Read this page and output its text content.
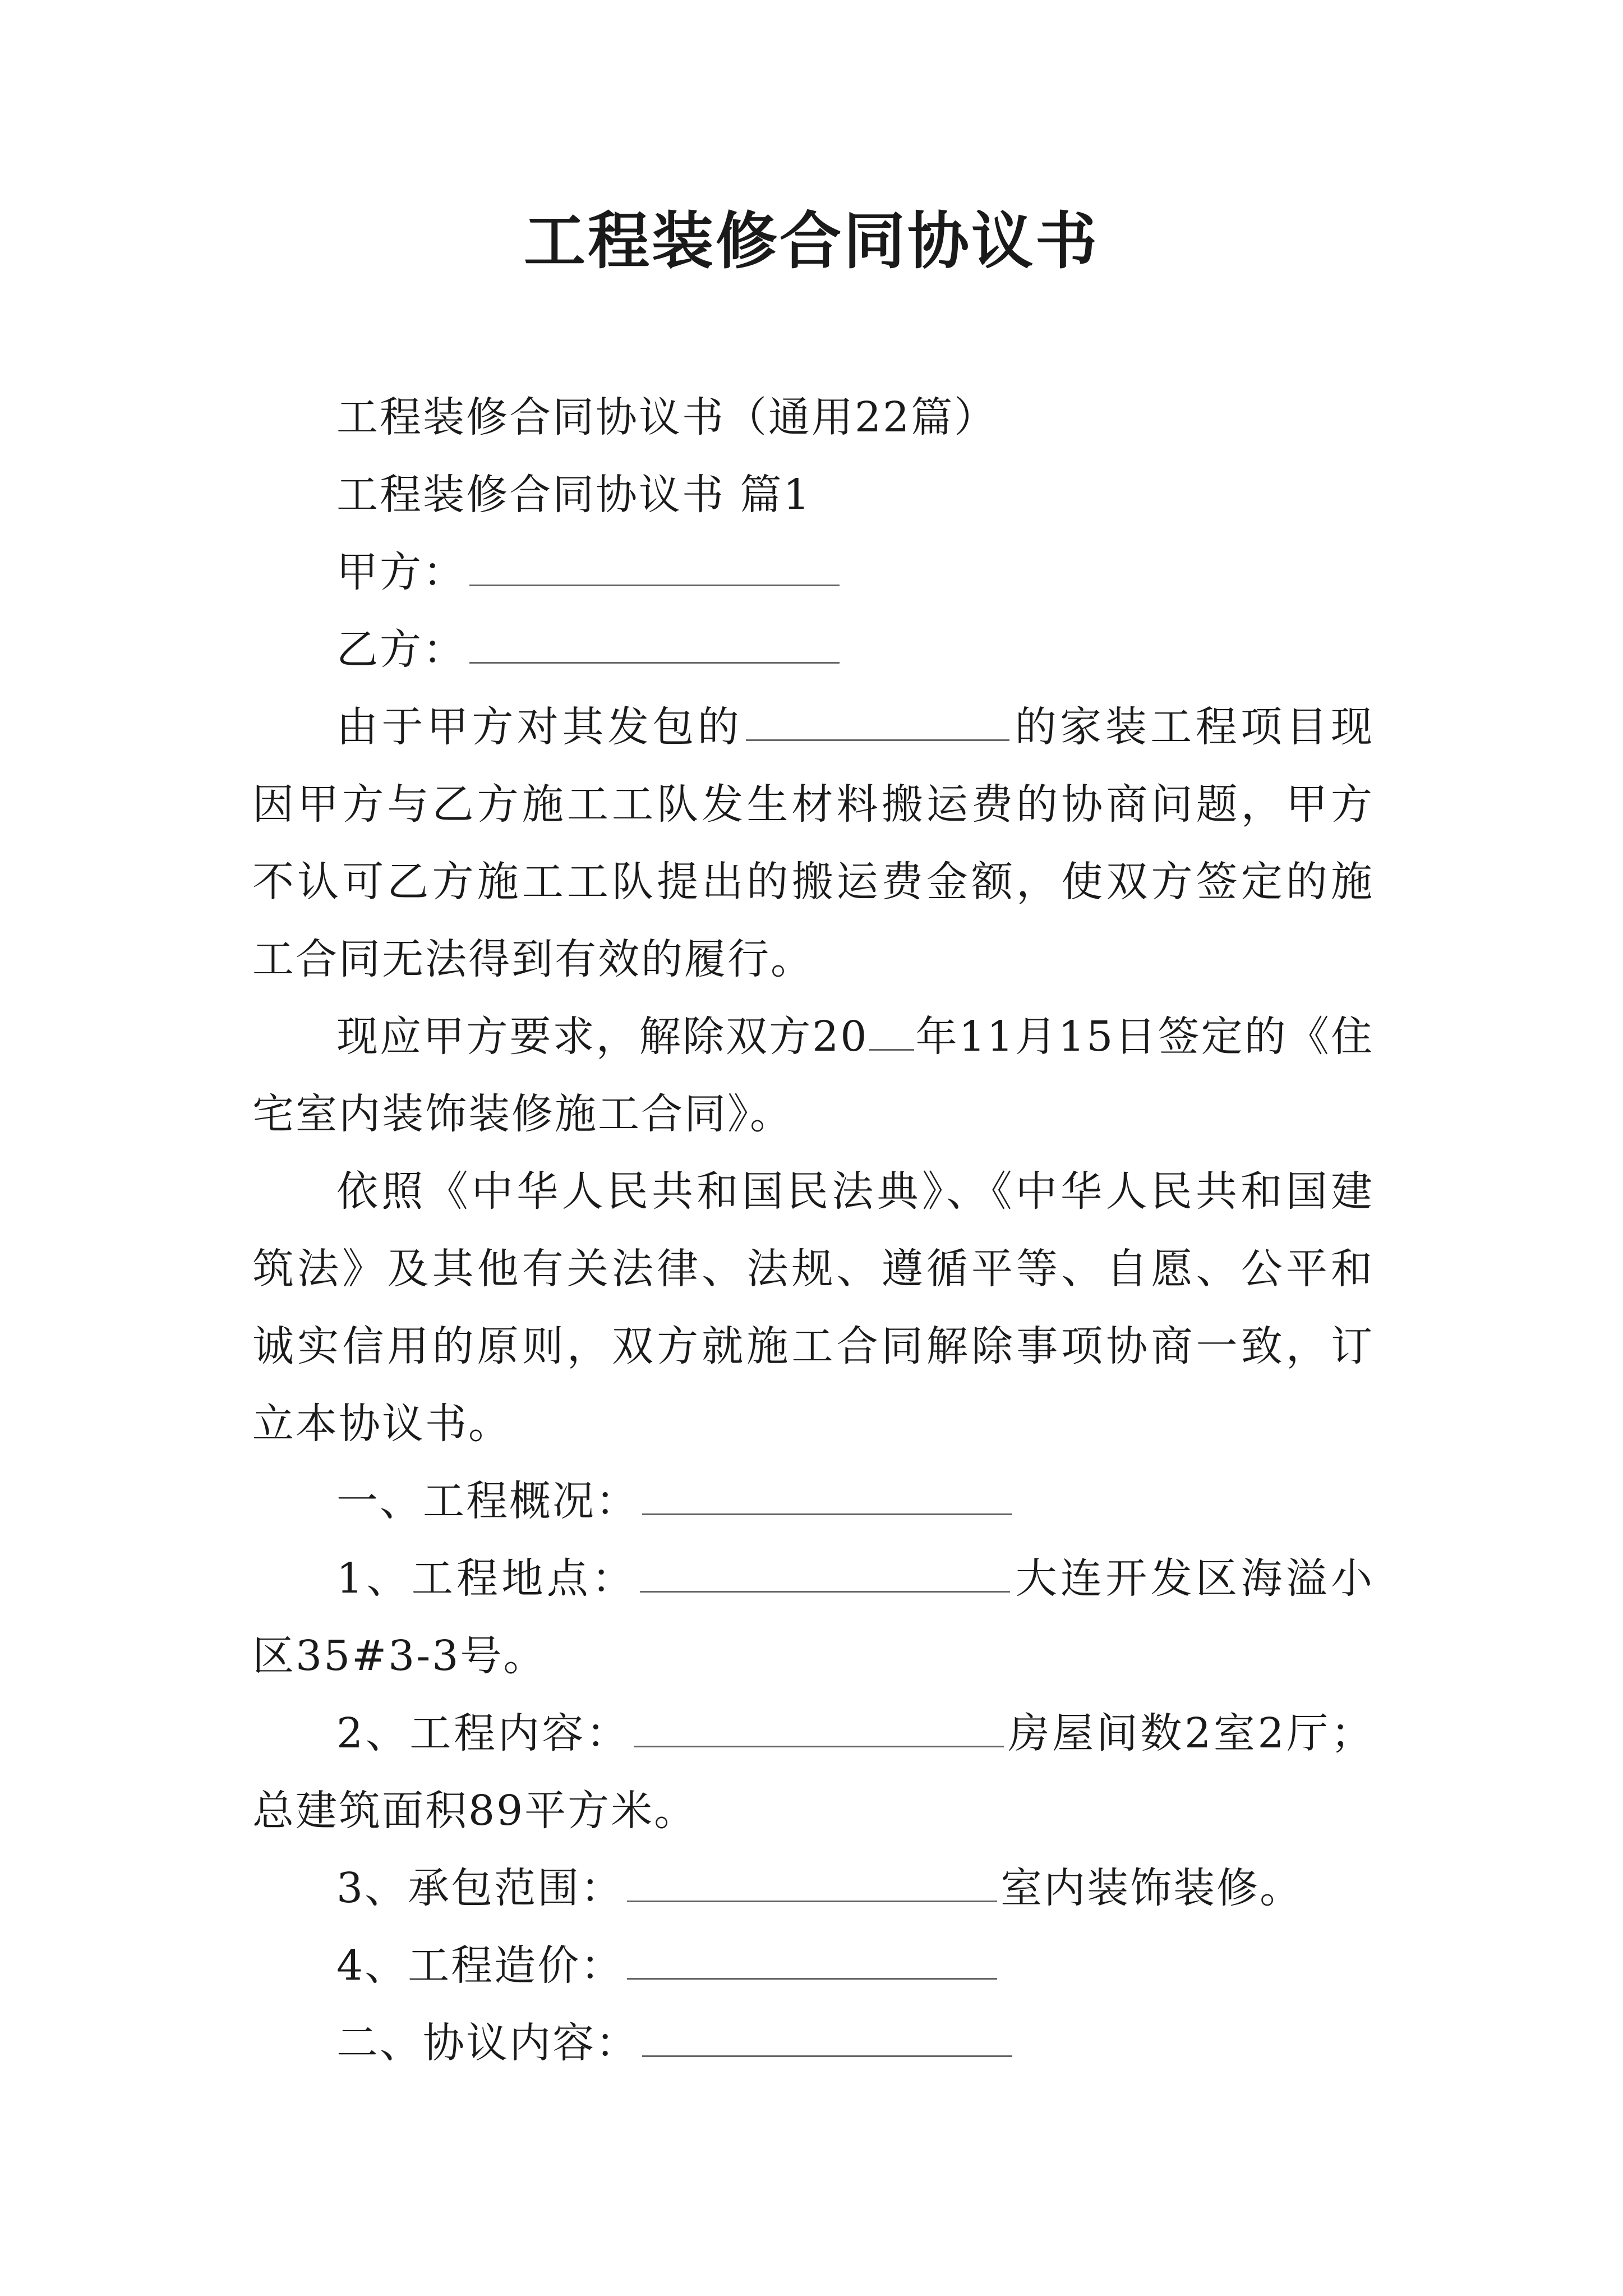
工程装修合同协议书
工程装修合同协议书（通用22篇）
工程装修合同协议书 篇1
甲方：
乙方：

由于甲方对其发包的	的家装工程项目现因甲方与乙方施工工队发生材料搬运费的协商问题，甲方不认可乙方施工工队提出的搬运费金额，使双方签定的施工合同无法得到有效的履行。

现应甲方要求，解除双方20 年11月15日签定的《住宅室内装饰装修施工合同》。

依照《中华人民共和国民法典》、《中华人民共和国建筑法》及其他有关法律、法规、遵循平等、自愿、公平和诚实信用的原则，双方就施工合同解除事项协商一致，订立本协议书。

一、工程概况：

1、工程地点：	大连开发区海溢小区35#3-3号。

2、工程内容：	房屋间数2室2厅；总建筑面积89平方米。

3、承包范围：	室内装饰装修。
4、工程造价：
二、协议内容：
